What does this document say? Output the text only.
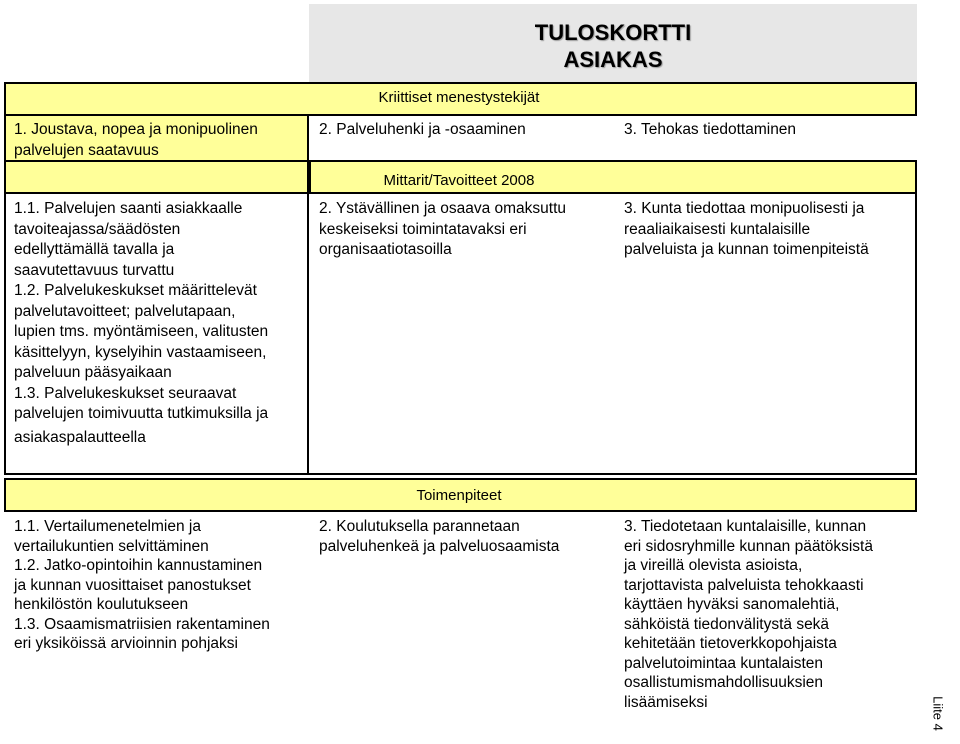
TULOSKORTTI
ASIAKAS
Kriittiset menestystekijät
Mittarit/Tavoitteet 2008
1. Joustava, nopea ja monipuolinen
palvelujen saatavuus
2. Palveluhenki ja -osaaminen	3. Tehokas tiedottaminen
1.1. Palvelujen saanti asiakkaalle
tavoiteajassa/säädösten
edellyttämällä tavalla ja
saavutettavuus turvattu
1.2. Palvelukeskukset määrittelevät
palvelutavoitteet; palvelutapaan,
lupien tms. myöntämiseen, valitusten
käsittelyyn, kyselyihin vastaamiseen,
palveluun pääsyaikaan
1.3. Palvelukeskukset seuraavat
palvelujen toimivuutta tutkimuksilla ja
asiakaspalautteella
2. Ystävällinen ja osaava omaksuttu
keskeiseksi toimintatavaksi eri
organisaatiotasoilla
3. Kunta tiedottaa monipuolisesti ja
reaaliaikaisesti kuntalaisille
palveluista ja kunnan toimenpiteistä
Toimenpiteet
1.1. Vertailumenetelmien ja
vertailukuntien selvittäminen
1.2. Jatko-opintoihin kannustaminen
ja kunnan vuosittaiset panostukset
henkilöstön koulutukseen
1.3. Osaamismatriisien rakentaminen
eri yksiköissä arvioinnin pohjaksi
2. Koulutuksella parannetaan
palveluhenkeä ja palveluosaamista
3. Tiedotetaan kuntalaisille, kunnan
eri sidosryhmille kunnan päätöksistä
ja vireillä olevista asioista,
tarjottavista palveluista tehokkaasti
käyttäen hyväksi sanomalehtiä,
sähköistä tiedonvälitystä sekä
kehitetään tietoverkkopohjaista
palvelutoimintaa kuntalaisten
osallistumismahdollisuuksien
lisäämiseksi	Liite 4
